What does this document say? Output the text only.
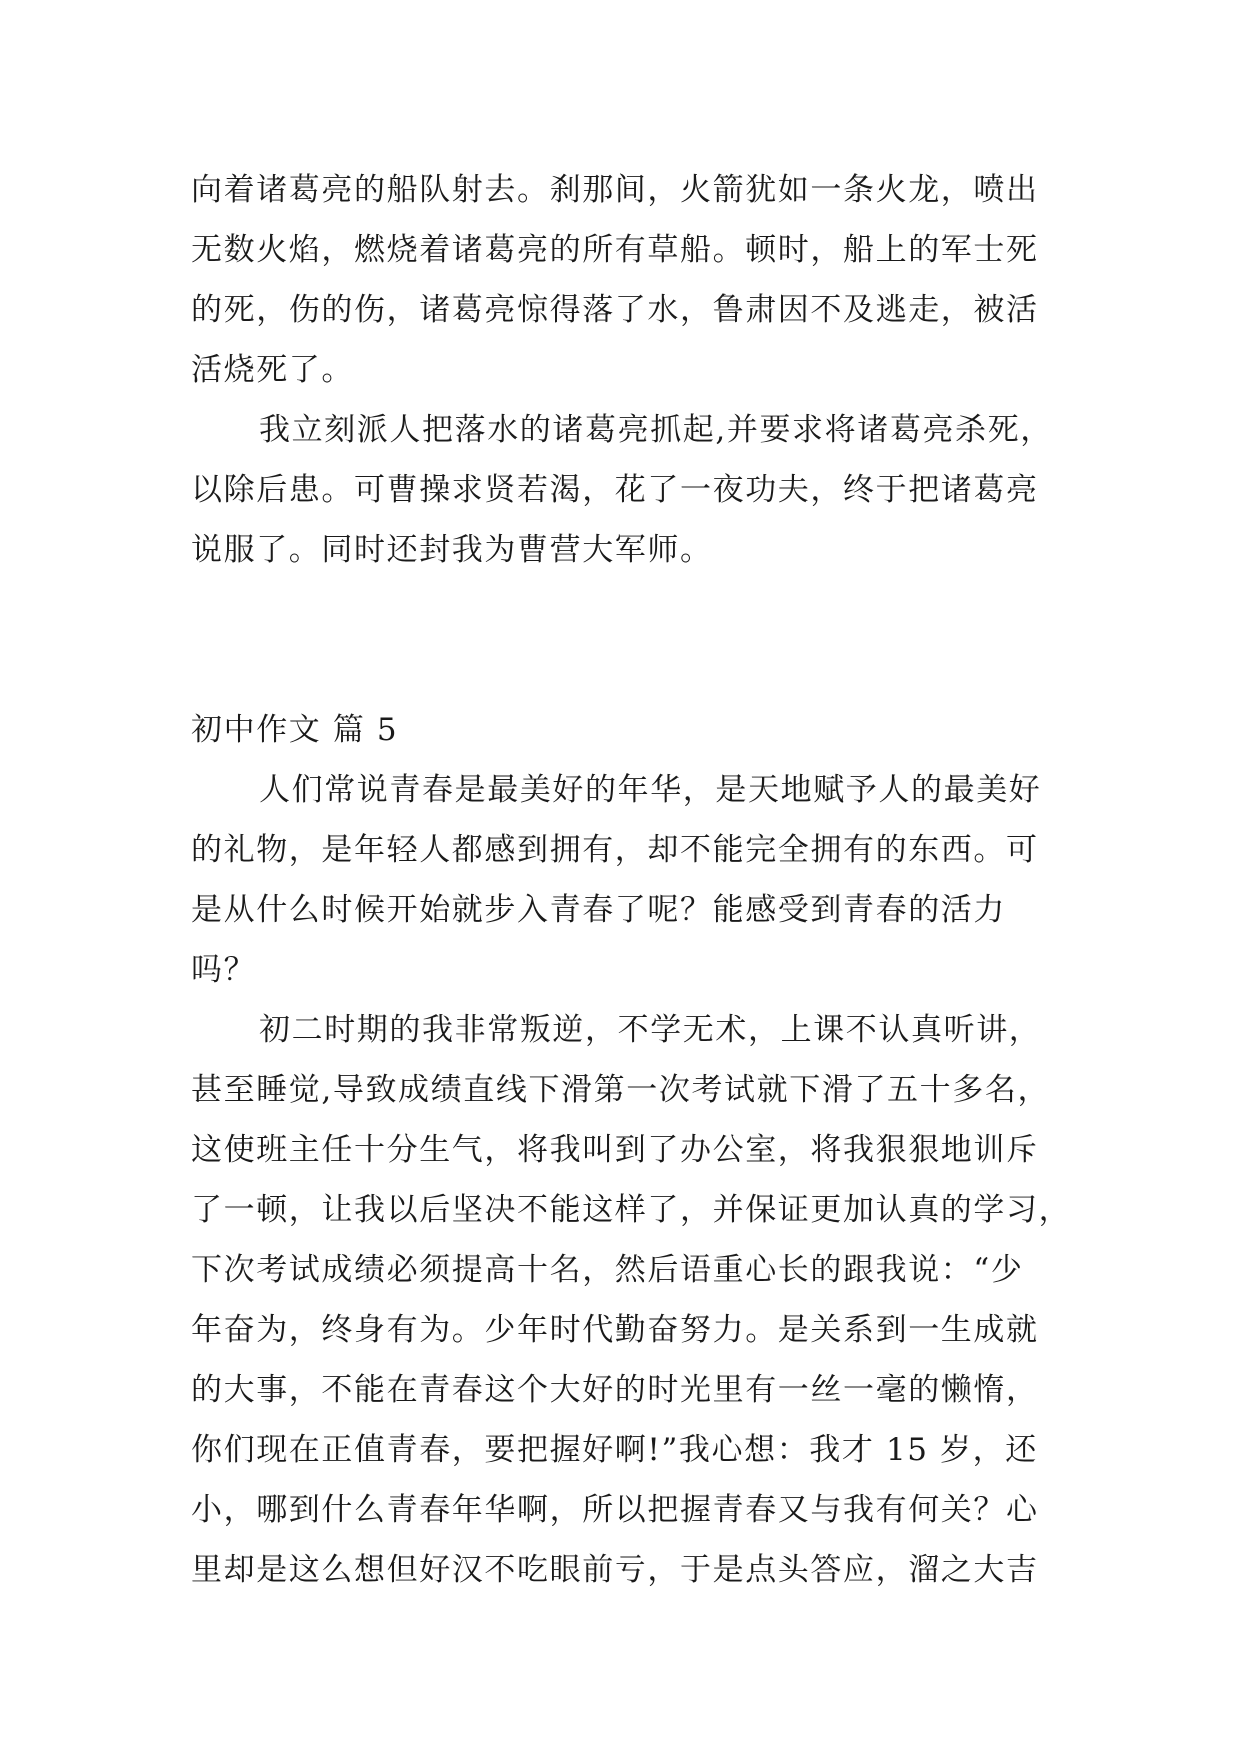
向着诸葛亮的船队射去。刹那间，火箭犹如一条火龙，喷出
无数火焰，燃烧着诸葛亮的所有草船。顿时，船上的军士死
的死，伤的伤，诸葛亮惊得落了水，鲁肃因不及逃走，被活
活烧死了。
我立刻派人把落水的诸葛亮抓起,并要求将诸葛亮杀死，
以除后患。可曹操求贤若渴，花了一夜功夫，终于把诸葛亮
说服了。同时还封我为曹营大军师。
初中作文 篇 5
人们常说青春是最美好的年华，是天地赋予人的最美好
的礼物，是年轻人都感到拥有，却不能完全拥有的东西。可
是从什么时候开始就步入青春了呢？能感受到青春的活力
吗？
初二时期的我非常叛逆，不学无术，上课不认真听讲，
甚至睡觉,导致成绩直线下滑第一次考试就下滑了五十多名，
这使班主任十分生气，将我叫到了办公室，将我狠狠地训斥
了一顿，让我以后坚决不能这样了，并保证更加认真的学习，
下次考试成绩必须提高十名，然后语重心长的跟我说：“少
年奋为，终身有为。少年时代勤奋努力。是关系到一生成就
的大事，不能在青春这个大好的时光里有一丝一毫的懒惰，
你们现在正值青春，要把握好啊!”我心想：我才 15 岁，还
小，哪到什么青春年华啊，所以把握青春又与我有何关？心
里却是这么想但好汉不吃眼前亏，于是点头答应，溜之大吉
